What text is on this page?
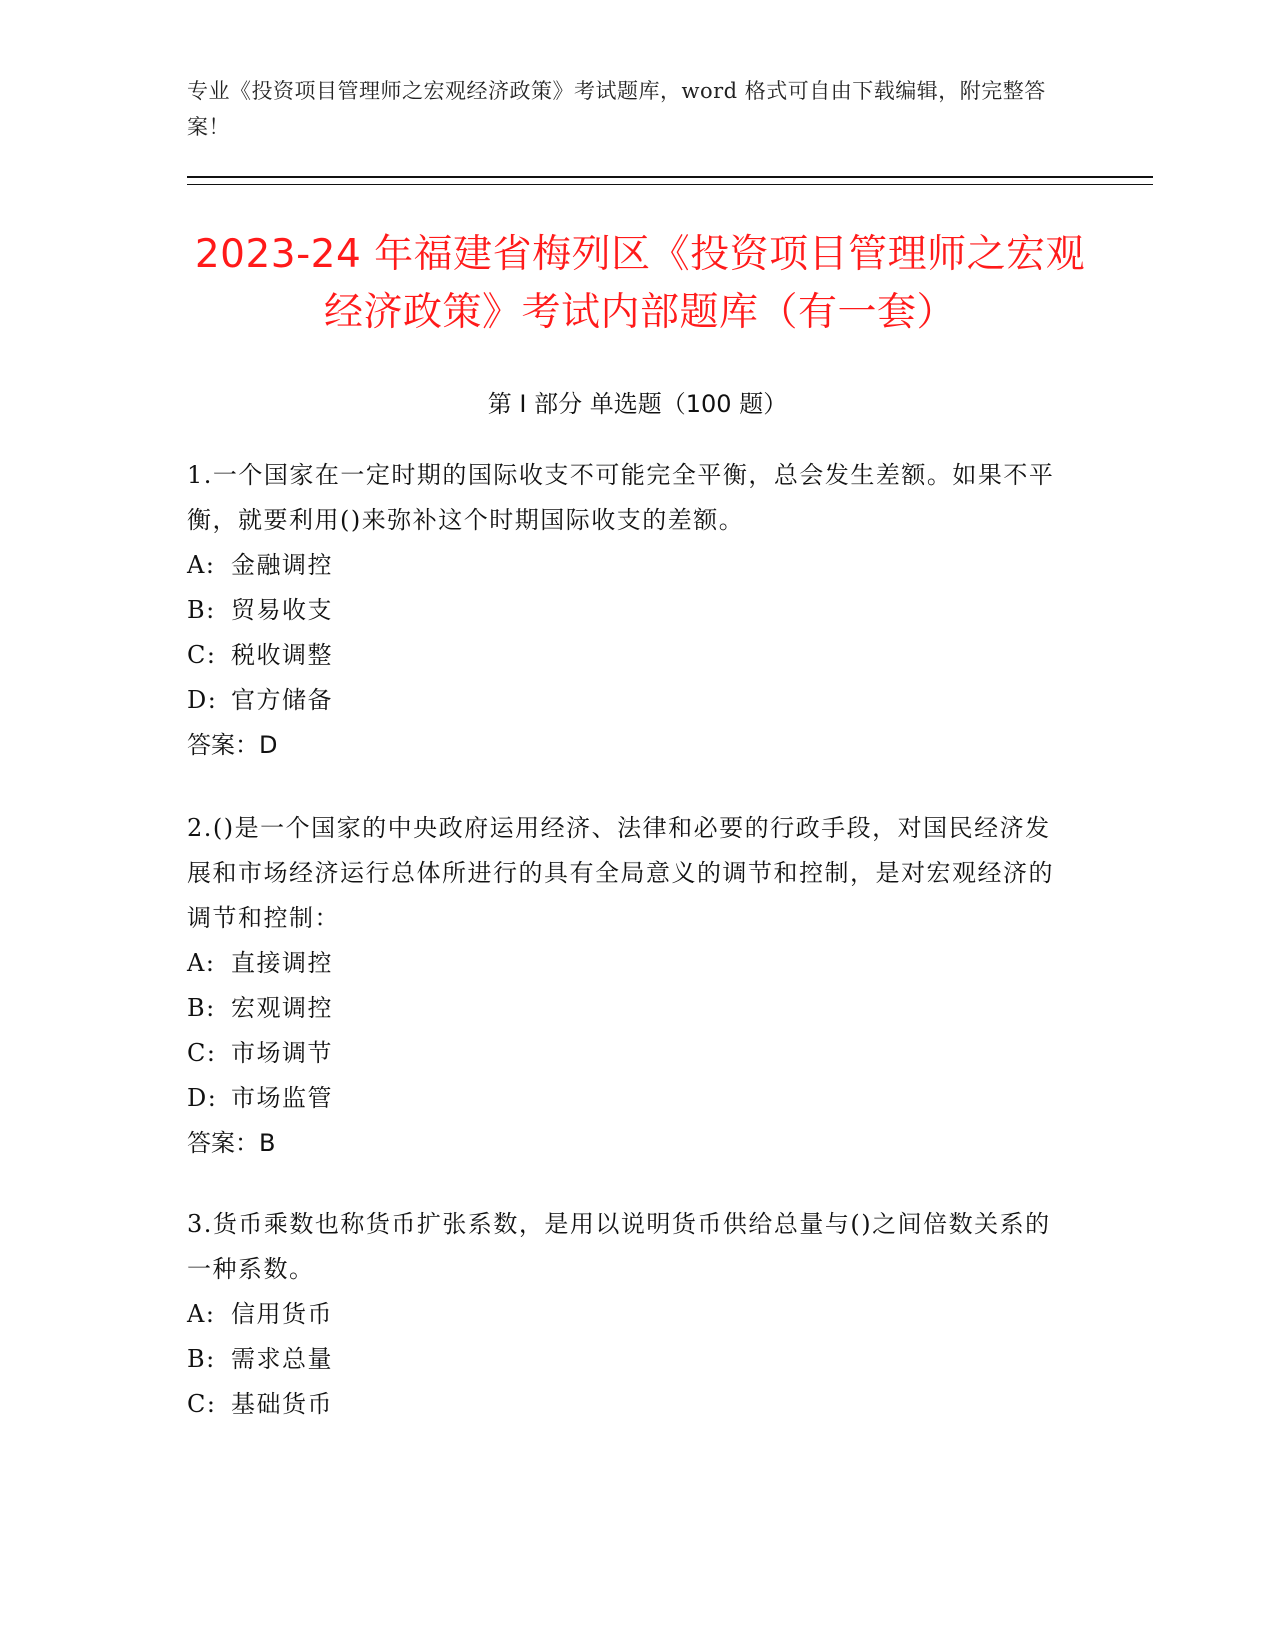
专业《投资项目管理师之宏观经济政策》考试题库，word 格式可自由下载编辑，附完整答案！
2023-24 年福建省梅列区《投资项目管理师之宏观经济政策》考试内部题库（有一套）
第 I 部分 单选题（100 题）
1.一个国家在一定时期的国际收支不可能完全平衡，总会发生差额。如果不平衡，就要利用()来弥补这个时期国际收支的差额。
A: 金融调控
B: 贸易收支
C: 税收调整
D: 官方储备
答案：D
2.()是一个国家的中央政府运用经济、法律和必要的行政手段，对国民经济发展和市场经济运行总体所进行的具有全局意义的调节和控制，是对宏观经济的调节和控制：
A: 直接调控
B: 宏观调控
C: 市场调节
D: 市场监管
答案：B
3.货币乘数也称货币扩张系数，是用以说明货币供给总量与()之间倍数关系的一种系数。
A: 信用货币
B: 需求总量
C: 基础货币
